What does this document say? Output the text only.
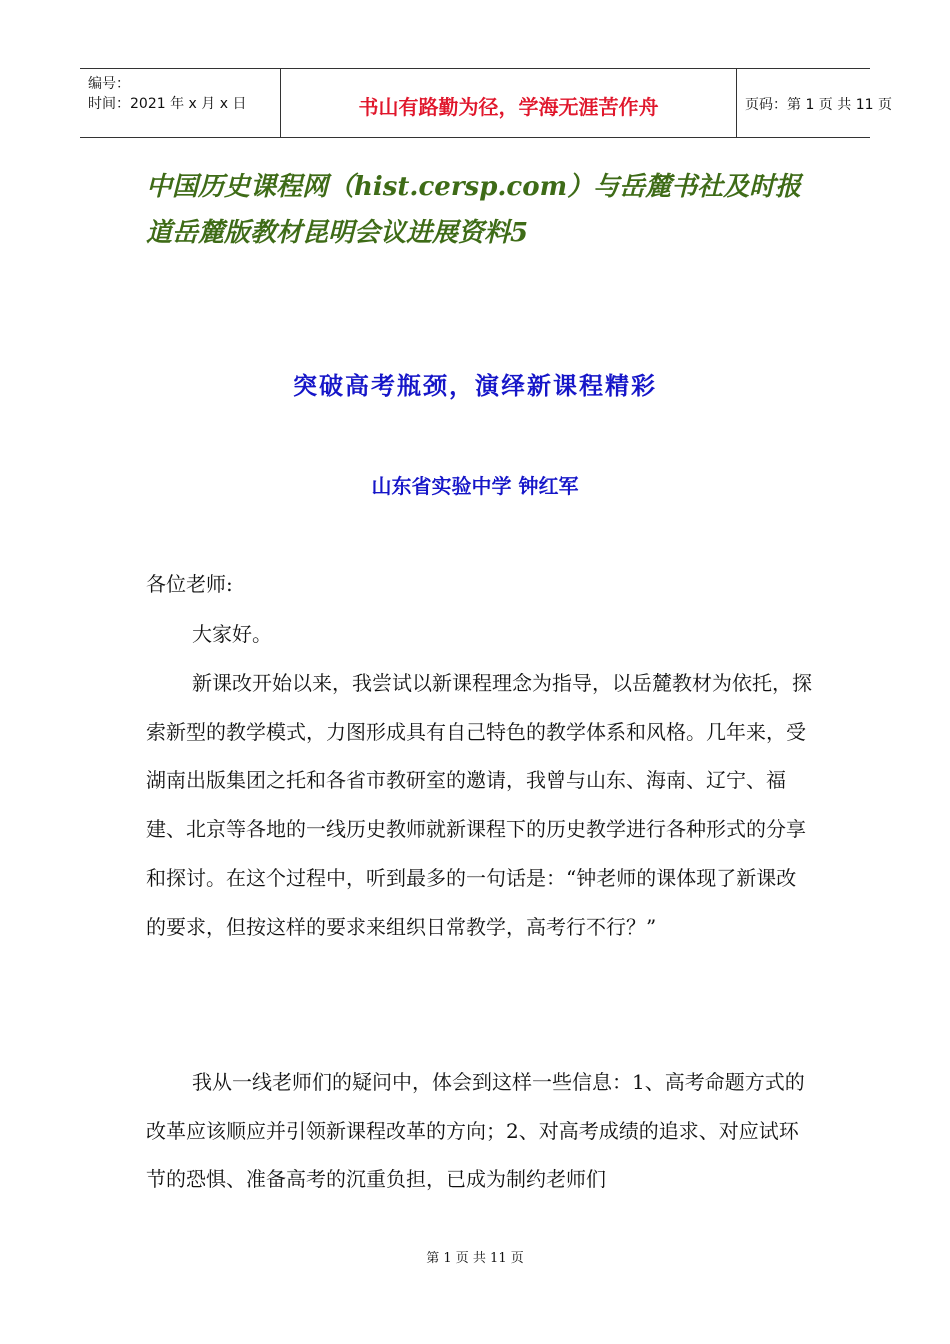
编号：
时间：2021 年 x 月 x 日	书山有路勤为径，学海无涯苦作舟	页码：第 1 页 共 11 页
中国历史课程网（hist.cersp.com）与岳麓书社及时报道岳麓版教材昆明会议进展资料5
突破高考瓶颈，演绎新课程精彩
山东省实验中学 钟红军

各位老师:

大家好。

新课改开始以来，我尝试以新课程理念为指导，以岳麓教材为依托，探索新型的教学模式，力图形成具有自己特色的教学体系和风格。几年来，受湖南出版集团之托和各省市教研室的邀请，我曾与山东、海南、辽宁、福建、北京等各地的一线历史教师就新课程下的历史教学进行各种形式的分享和探讨。在这个过程中，听到最多的一句话是：“钟老师的课体现了新课改的要求，但按这样的要求来组织日常教学，高考行不行？”

我从一线老师们的疑问中，体会到这样一些信息：1、高考命题方式的改革应该顺应并引领新课程改革的方向；2、对高考成绩的追求、对应试环节的恐惧、准备高考的沉重负担，已成为制约老师们

第 1 页 共 11 页
